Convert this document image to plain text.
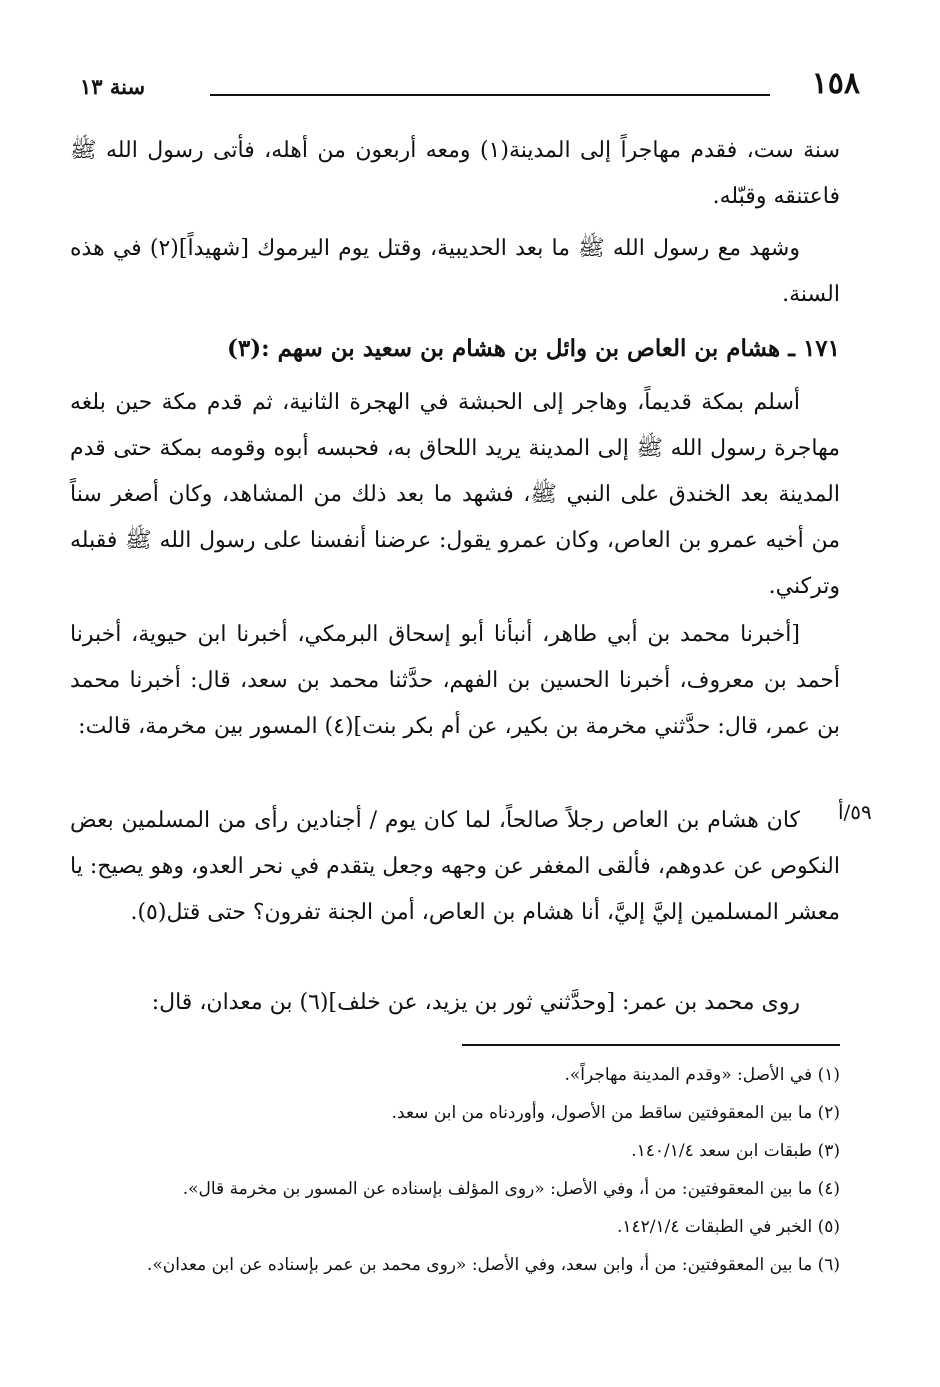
١٥٨
سنة ١٣

سنة ست، فقدم مهاجراً إلى المدينة(١) ومعه أربعون من أهله، فأتى رسول الله ﷺ فاعتنقه وقبّله.

وشهد مع رسول الله ﷺ ما بعد الحديبية، وقتل يوم اليرموك [شهيداً](٢) في هذه السنة.

١٧١ ـ هشام بن العاص بن وائل بن هشام بن سعيد بن سهم :(٣)

أسلم بمكة قديماً، وهاجر إلى الحبشة في الهجرة الثانية، ثم قدم مكة حين بلغه مهاجرة رسول الله ﷺ إلى المدينة يريد اللحاق به، فحبسه أبوه وقومه بمكة حتى قدم المدينة بعد الخندق على النبي ﷺ، فشهد ما بعد ذلك من المشاهد، وكان أصغر سناً من أخيه عمرو بن العاص، وكان عمرو يقول: عرضنا أنفسنا على رسول الله ﷺ فقبله وتركني.

[أخبرنا محمد بن أبي طاهر، أنبأنا أبو إسحاق البرمكي، أخبرنا ابن حيوية، أخبرنا أحمد بن معروف، أخبرنا الحسين بن الفهم، حدَّثنا محمد بن سعد، قال: أخبرنا محمد بن عمر، قال: حدَّثني مخرمة بن بكير، عن أم بكر بنت](٤) المسور بين مخرمة، قالت:

٥٩/أ

كان هشام بن العاص رجلاً صالحاً، لما كان يوم / أجنادين رأى من المسلمين بعض النكوص عن عدوهم، فألقى المغفر عن وجهه وجعل يتقدم في نحر العدو، وهو يصيح: يا معشر المسلمين إليَّ إليَّ، أنا هشام بن العاص، أمن الجنة تفرون؟ حتى قتل(٥).

روى محمد بن عمر: [وحدَّثني ثور بن يزيد، عن خلف](٦) بن معدان، قال:

(١) في الأصل: «وقدم المدينة مهاجراً».

(٢) ما بين المعقوفتين ساقط من الأصول، وأوردناه من ابن سعد.

(٣) طبقات ابن سعد ١٤٠/١/٤.

(٤) ما بين المعقوفتين: من أ، وفي الأصل: «روى المؤلف بإسناده عن المسور بن مخرمة قال».

(٥) الخبر في الطبقات ١٤٢/١/٤.

(٦) ما بين المعقوفتين: من أ، وابن سعد، وفي الأصل: «روى محمد بن عمر بإسناده عن ابن معدان».
